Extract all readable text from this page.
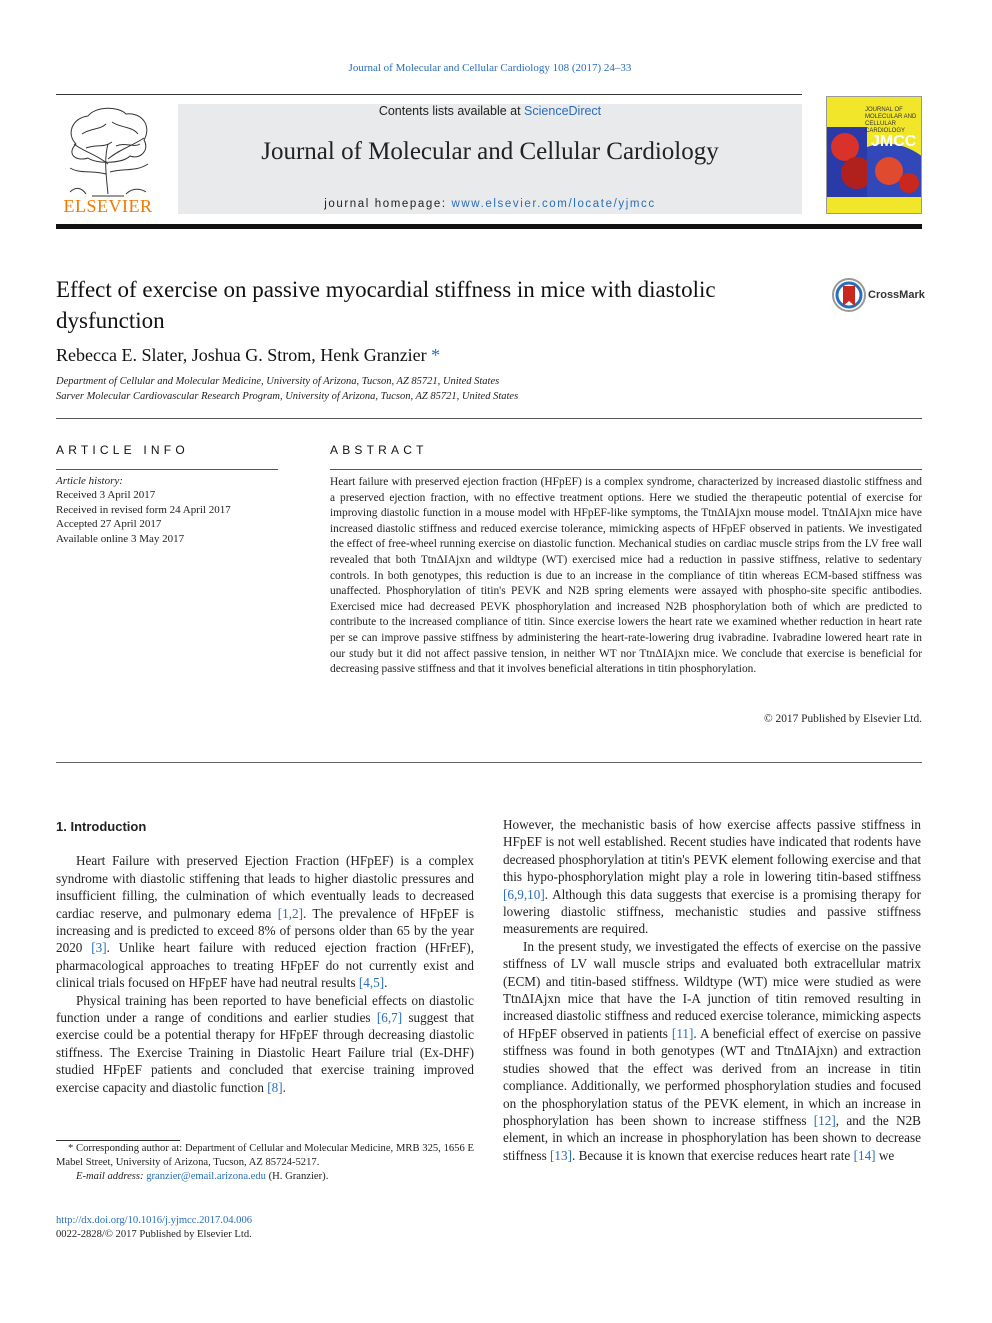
Journal of Molecular and Cellular Cardiology 108 (2017) 24–33
ELSEVIER
Contents lists available at ScienceDirect
Journal of Molecular and Cellular Cardiology
journal homepage: www.elsevier.com/locate/yjmcc
JOURNAL OF MOLECULAR AND CELLULAR CARDIOLOGY
JMCC
Effect of exercise on passive myocardial stiffness in mice with diastolic dysfunction
CrossMark
Rebecca E. Slater, Joshua G. Strom, Henk Granzier *
Department of Cellular and Molecular Medicine, University of Arizona, Tucson, AZ 85721, United States
Sarver Molecular Cardiovascular Research Program, University of Arizona, Tucson, AZ 85721, United States
ARTICLE INFO	ABSTRACT
Article history:
Received 3 April 2017
Received in revised form 24 April 2017
Accepted 27 April 2017
Available online 3 May 2017
Heart failure with preserved ejection fraction (HFpEF) is a complex syndrome, characterized by increased diastolic stiffness and a preserved ejection fraction, with no effective treatment options. Here we studied the therapeutic potential of exercise for improving diastolic function in a mouse model with HFpEF-like symptoms, the TtnΔIAjxn mouse model. TtnΔIAjxn mice have increased diastolic stiffness and reduced exercise tolerance, mimicking aspects of HFpEF observed in patients. We investigated the effect of free-wheel running exercise on diastolic function. Mechanical studies on cardiac muscle strips from the LV free wall revealed that both TtnΔIAjxn and wildtype (WT) exercised mice had a reduction in passive stiffness, relative to sedentary controls. In both genotypes, this reduction is due to an increase in the compliance of titin whereas ECM-based stiffness was unaffected. Phosphorylation of titin's PEVK and N2B spring elements were assayed with phospho-site specific antibodies. Exercised mice had decreased PEVK phosphorylation and increased N2B phosphorylation both of which are predicted to contribute to the increased compliance of titin. Since exercise lowers the heart rate we examined whether reduction in heart rate per se can improve passive stiffness by administering the heart-rate-lowering drug ivabradine. Ivabradine lowered heart rate in our study but it did not affect passive tension, in neither WT nor TtnΔIAjxn mice. We conclude that exercise is beneficial for decreasing passive stiffness and that it involves beneficial alterations in titin phosphorylation.
© 2017 Published by Elsevier Ltd.
1. Introduction

Heart Failure with preserved Ejection Fraction (HFpEF) is a complex syndrome with diastolic stiffening that leads to higher diastolic pressures and insufficient filling, the culmination of which eventually leads to decreased cardiac reserve, and pulmonary edema [1,2]. The prevalence of HFpEF is increasing and is predicted to exceed 8% of persons older than 65 by the year 2020 [3]. Unlike heart failure with reduced ejection fraction (HFrEF), pharmacological approaches to treating HFpEF do not currently exist and clinical trials focused on HFpEF have had neutral results [4,5].

Physical training has been reported to have beneficial effects on diastolic function under a range of conditions and earlier studies [6,7] suggest that exercise could be a potential therapy for HFpEF through decreasing diastolic stiffness. The Exercise Training in Diastolic Heart Failure trial (Ex-DHF) studied HFpEF patients and concluded that exercise training improved exercise capacity and diastolic function [8].

However, the mechanistic basis of how exercise affects passive stiffness in HFpEF is not well established. Recent studies have indicated that rodents have decreased phosphorylation at titin's PEVK element following exercise and that this hypo-phosphorylation might play a role in lowering titin-based stiffness [6,9,10]. Although this data suggests that exercise is a promising therapy for lowering diastolic stiffness, mechanistic studies and passive stiffness measurements are required.

In the present study, we investigated the effects of exercise on the passive stiffness of LV wall muscle strips and evaluated both extracellular matrix (ECM) and titin-based stiffness. Wildtype (WT) mice were studied as were TtnΔIAjxn mice that have the I-A junction of titin removed resulting in increased diastolic stiffness and reduced exercise tolerance, mimicking aspects of HFpEF observed in patients [11]. A beneficial effect of exercise on passive stiffness was found in both genotypes (WT and TtnΔIAjxn) and extraction studies showed that the effect was derived from an increase in titin compliance. Additionally, we performed phosphorylation studies and focused on the phosphorylation status of the PEVK element, in which an increase in phosphorylation has been shown to increase stiffness [12], and the N2B element, in which an increase in phosphorylation has been shown to decrease stiffness [13]. Because it is known that exercise reduces heart rate [14] we

* Corresponding author at: Department of Cellular and Molecular Medicine, MRB 325, 1656 E Mabel Street, University of Arizona, Tucson, AZ 85724-5217.
E-mail address: granzier@email.arizona.edu (H. Granzier).
http://dx.doi.org/10.1016/j.yjmcc.2017.04.006
0022-2828/© 2017 Published by Elsevier Ltd.
